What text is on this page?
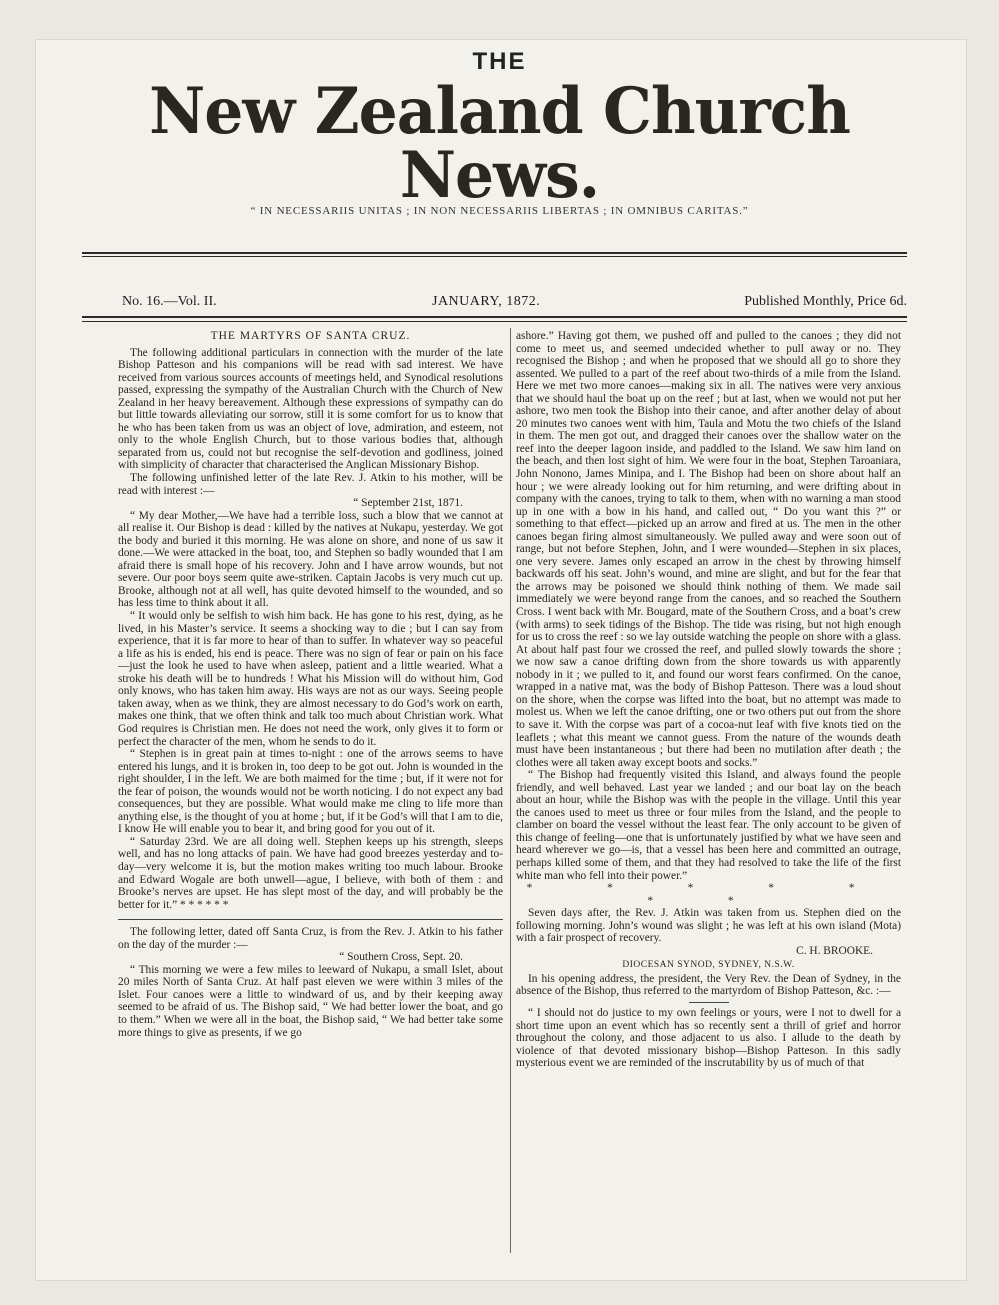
THE
New Zealand Church News.
“ IN NECESSARIIS UNITAS ; IN NON NECESSARIIS LIBERTAS ; IN OMNIBUS CARITAS.”
No. 16.—Vol. II.	JANUARY, 1872.	Published Monthly, Price 6d.

THE MARTYRS OF SANTA CRUZ.

The following additional particulars in connection with the murder of the late Bishop Patteson and his companions will be read with sad interest. We have received from various sources accounts of meetings held, and Synodical resolutions passed, expressing the sympathy of the Australian Church with the Church of New Zealand in her heavy bereavement. Although these expressions of sympathy can do but little towards alleviating our sorrow, still it is some comfort for us to know that he who has been taken from us was an object of love, admiration, and esteem, not only to the whole English Church, but to those various bodies that, although separated from us, could not but recognise the self-devotion and godliness, joined with simplicity of character that characterised the Anglican Missionary Bishop.

The following unfinished letter of the late Rev. J. Atkin to his mother, will be read with interest :—

“ September 21st, 1871.

“ My dear Mother,—We have had a terrible loss, such a blow that we cannot at all realise it. Our Bishop is dead : killed by the natives at Nukapu, yesterday. We got the body and buried it this morning. He was alone on shore, and none of us saw it done.—We were attacked in the boat, too, and Stephen so badly wounded that I am afraid there is small hope of his recovery. John and I have arrow wounds, but not severe. Our poor boys seem quite awe-striken. Captain Jacobs is very much cut up. Brooke, although not at all well, has quite devoted himself to the wounded, and so has less time to think about it all.

“ It would only be selfish to wish him back. He has gone to his rest, dying, as he lived, in his Master’s service. It seems a shocking way to die ; but I can say from experience, that it is far more to hear of than to suffer. In whatever way so peaceful a life as his is ended, his end is peace. There was no sign of fear or pain on his face —just the look he used to have when asleep, patient and a little wearied. What a stroke his death will be to hundreds ! What his Mission will do without him, God only knows, who has taken him away. His ways are not as our ways. Seeing people taken away, when as we think, they are almost necessary to do God’s work on earth, makes one think, that we often think and talk too much about Christian work. What God requires is Christian men. He does not need the work, only gives it to form or perfect the character of the men, whom he sends to do it.

“ Stephen is in great pain at times to-night : one of the arrows seems to have entered his lungs, and it is broken in, too deep to be got out. John is wounded in the right shoulder, I in the left. We are both maimed for the time ; but, if it were not for the fear of poison, the wounds would not be worth noticing. I do not expect any bad consequences, but they are possible. What would make me cling to life more than anything else, is the thought of you at home ; but, if it be God’s will that I am to die, I know He will enable you to bear it, and bring good for you out of it.

“ Saturday 23rd. We are all doing well. Stephen keeps up his strength, sleeps well, and has no long attacks of pain. We have had good breezes yesterday and to-day—very welcome it is, but the motion makes writing too much labour. Brooke and Edward Wogale are both unwell—ague, I believe, with both of them : and Brooke’s nerves are upset. He has slept most of the day, and will probably be the better for it.” * * * * * *

The following letter, dated off Santa Cruz, is from the Rev. J. Atkin to his father on the day of the murder :—

“ Southern Cross, Sept. 20.

“ This morning we were a few miles to leeward of Nukapu, a small Islet, about 20 miles North of Santa Cruz. At half past eleven we were within 3 miles of the Islet. Four canoes were a little to windward of us, and by their keeping away seemed to be afraid of us. The Bishop said, “ We had better lower the boat, and go to them.” When we were all in the boat, the Bishop said, “ We had better take some more things to give as presents, if we go

ashore.” Having got them, we pushed off and pulled to the canoes ; they did not come to meet us, and seemed undecided whether to pull away or no. They recognised the Bishop ; and when he proposed that we should all go to shore they assented. We pulled to a part of the reef about two-thirds of a mile from the Island. Here we met two more canoes—making six in all. The natives were very anxious that we should haul the boat up on the reef ; but at last, when we would not put her ashore, two men took the Bishop into their canoe, and after another delay of about 20 minutes two canoes went with him, Taula and Motu the two chiefs of the Island in them. The men got out, and dragged their canoes over the shallow water on the reef into the deeper lagoon inside, and paddled to the Island. We saw him land on the beach, and then lost sight of him. We were four in the boat, Stephen Taroaniara, John Nonono, James Minipa, and I. The Bishop had been on shore about half an hour ; we were already looking out for him returning, and were drifting about in company with the canoes, trying to talk to them, when with no warning a man stood up in one with a bow in his hand, and called out, “ Do you want this ?” or something to that effect—picked up an arrow and fired at us. The men in the other canoes began firing almost simultaneously. We pulled away and were soon out of range, but not before Stephen, John, and I were wounded—Stephen in six places, one very severe. James only escaped an arrow in the chest by throwing himself backwards off his seat. John’s wound, and mine are slight, and but for the fear that the arrows may be poisoned we should think nothing of them. We made sail immediately we were beyond range from the canoes, and so reached the Southern Cross. I went back with Mr. Bougard, mate of the Southern Cross, and a boat’s crew (with arms) to seek tidings of the Bishop. The tide was rising, but not high enough for us to cross the reef : so we lay outside watching the people on shore with a glass. At about half past four we crossed the reef, and pulled slowly towards the shore ; we now saw a canoe drifting down from the shore towards us with apparently nobody in it ; we pulled to it, and found our worst fears confirmed. On the canoe, wrapped in a native mat, was the body of Bishop Patteson. There was a loud shout on the shore, when the corpse was lifted into the boat, but no attempt was made to molest us. When we left the canoe drifting, one or two others put out from the shore to save it. With the corpse was part of a cocoa-nut leaf with five knots tied on the leaflets ; what this meant we cannot guess. From the nature of the wounds death must have been instantaneous ; but there had been no mutilation after death ; the clothes were all taken away except boots and socks.”

“ The Bishop had frequently visited this Island, and always found the people friendly, and well behaved. Last year we landed ; and our boat lay on the beach about an hour, while the Bishop was with the people in the village. Until this year the canoes used to meet us three or four miles from the Island, and the people to clamber on board the vessel without the least fear. The only account to be given of this change of feeling—one that is unfortunately justified by what we have seen and heard wherever we go—is, that a vessel has been here and committed an outrage, perhaps killed some of them, and that they had resolved to take the life of the first white man who fell into their power.”

* * * * * * *

Seven days after, the Rev. J. Atkin was taken from us. Stephen died on the following morning. John’s wound was slight ; he was left at his own island (Mota) with a fair prospect of recovery.

C. H. BROOKE.

DIOCESAN SYNOD, SYDNEY, N.S.W.

In his opening address, the president, the Very Rev. the Dean of Sydney, in the absence of the Bishop, thus referred to the martyrdom of Bishop Patteson, &c. :—

“ I should not do justice to my own feelings or yours, were I not to dwell for a short time upon an event which has so recently sent a thrill of grief and horror throughout the colony, and those adjacent to us also. I allude to the death by violence of that devoted missionary bishop—Bishop Patteson. In this sadly mysterious event we are reminded of the inscrutability by us of much of that
